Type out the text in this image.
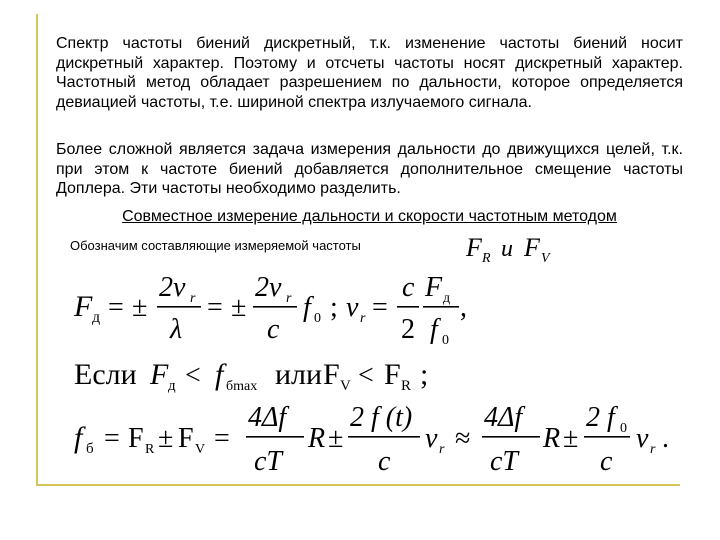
Спектр частоты биений дискретный, т.к. изменение частоты биений носит дискретный характер. Поэтому и отсчеты частоты носят дискретный характер. Частотный метод обладает разрешением по дальности, которое определяется девиацией частоты, т.е. шириной спектра излучаемого сигнала.

Более сложной является задача измерения дальности до движущихся целей, т.к. при этом к частоте биений добавляется дополнительное смещение частоты Доплера. Эти частоты необходимо разделить.

Совместное измерение дальности и скорости частотным методом
Обозначим составляющие измеряемой частоты	F R и F V
F д = ±
2v r
λ
= ±
2v r
c
f 0 ; v r =
c
2
F д
f 0
,
Если F д < f бmax или F V < F R ;
f б = F R ± F V =
4Δf
cT
R ±
2 f (t)
c
v r ≈
4Δf
cT
R ±
2 f 0
c
v r .
